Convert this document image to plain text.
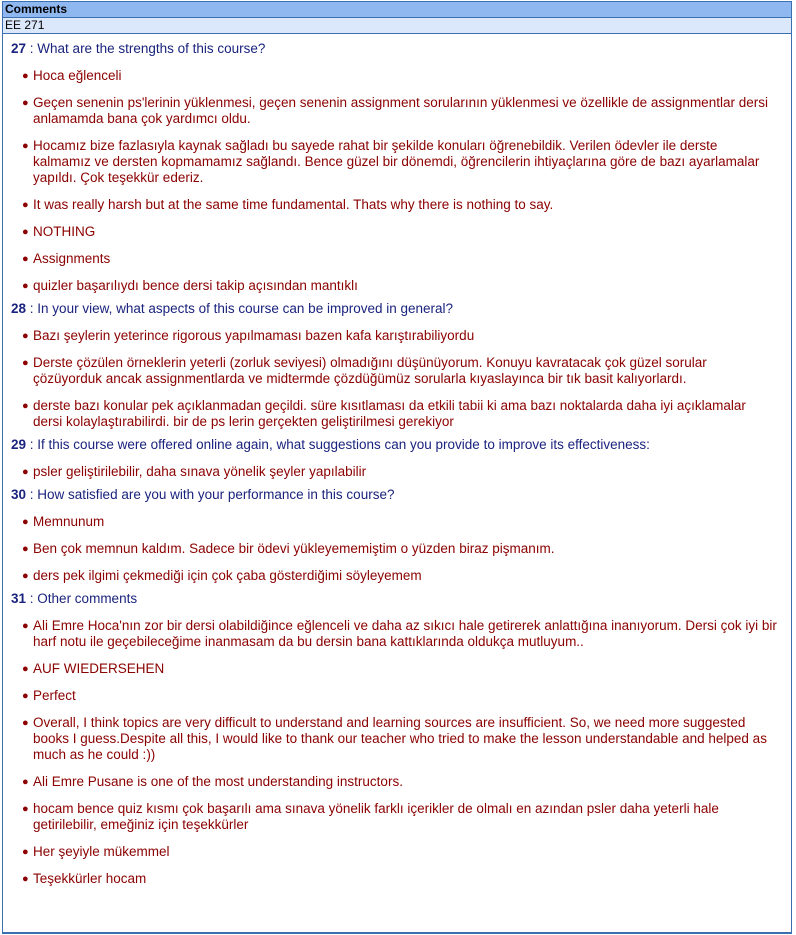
Comments
EE 271
27 : What are the strengths of this course?
● Hoca eğlenceli
● Geçen senenin ps'lerinin yüklenmesi, geçen senenin assignment sorularının yüklenmesi ve özellikle de assignmentlar dersi anlamamda bana çok yardımcı oldu.
● Hocamız bize fazlasıyla kaynak sağladı bu sayede rahat bir şekilde konuları öğrenebildik. Verilen ödevler ile derste kalmamız ve dersten kopmamamız sağlandı. Bence güzel bir dönemdi, öğrencilerin ihtiyaçlarına göre de bazı ayarlamalar yapıldı. Çok teşekkür ederiz.
● It was really harsh but at the same time fundamental. Thats why there is nothing to say.
● NOTHING
● Assignments
● quizler başarılıydı bence dersi takip açısından mantıklı
28 : In your view, what aspects of this course can be improved in general?
● Bazı şeylerin yeterince rigorous yapılmaması bazen kafa karıştırabiliyordu
● Derste çözülen örneklerin yeterli (zorluk seviyesi) olmadığını düşünüyorum. Konuyu kavratacak çok güzel sorular çözüyorduk ancak assignmentlarda ve midtermde çözdüğümüz sorularla kıyaslayınca bir tık basit kalıyorlardı.
● derste bazı konular pek açıklanmadan geçildi. süre kısıtlaması da etkili tabii ki ama bazı noktalarda daha iyi açıklamalar dersi kolaylaştırabilirdi. bir de ps lerin gerçekten geliştirilmesi gerekiyor
29 : If this course were offered online again, what suggestions can you provide to improve its effectiveness:
● psler geliştirilebilir, daha sınava yönelik şeyler yapılabilir
30 : How satisfied are you with your performance in this course?
● Memnunum
● Ben çok memnun kaldım. Sadece bir ödevi yükleyememiştim o yüzden biraz pişmanım.
● ders pek ilgimi çekmediği için çok çaba gösterdiğimi söyleyemem
31 : Other comments
● Ali Emre Hoca'nın zor bir dersi olabildiğince eğlenceli ve daha az sıkıcı hale getirerek anlattığına inanıyorum. Dersi çok iyi bir harf notu ile geçebileceğime inanmasam da bu dersin bana kattıklarında oldukça mutluyum..
● AUF WIEDERSEHEN
● Perfect
● Overall, I think topics are very difficult to understand and learning sources are insufficient. So, we need more suggested books I guess.Despite all this, I would like to thank our teacher who tried to make the lesson understandable and helped as much as he could :))
● Ali Emre Pusane is one of the most understanding instructors.
● hocam bence quiz kısmı çok başarılı ama sınava yönelik farklı içerikler de olmalı en azından psler daha yeterli hale getirilebilir, emeğiniz için teşekkürler
● Her şeyiyle mükemmel
● Teşekkürler hocam
